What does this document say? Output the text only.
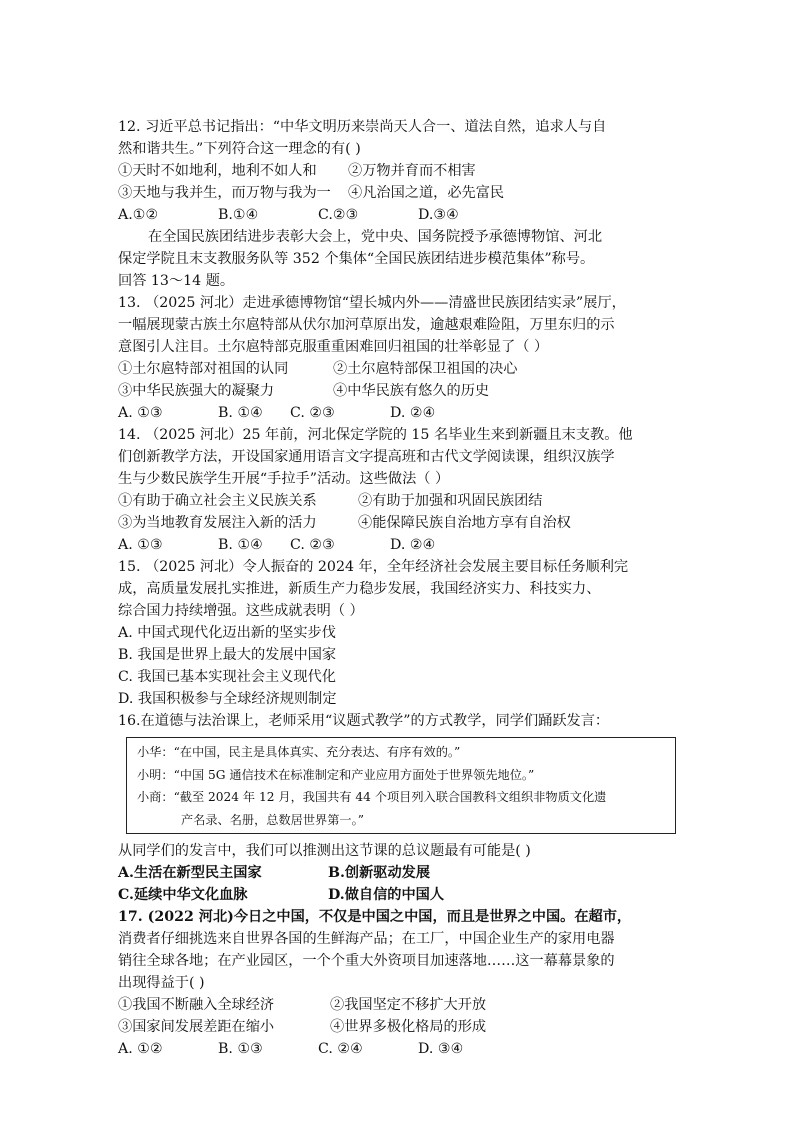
12. 习近平总书记指出：“中华文明历来崇尚天人合一、道法自然，追求人与自
然和谐共生。”下列符合这一理念的有( )
①天时不如地利，地利不如人和	②万物并育而不相害
③天地与我并生，而万物与我为一	④凡治国之道，必先富民
A.①②	B.①④	C.②③	D.③④
在全国民族团结进步表彰大会上，党中央、国务院授予承德博物馆、河北
保定学院且末支教服务队等 352 个集体“全国民族团结进步模范集体”称号。
回答 13～14 题。
13. （2025 河北）走进承德博物馆“望长城内外——清盛世民族团结实录”展厅，
一幅展现蒙古族土尔扈特部从伏尔加河草原出发，逾越艰难险阻，万里东归的示
意图引人注目。土尔扈特部克服重重困难回归祖国的壮举彰显了（ ）
①土尔扈特部对祖国的认同	②土尔扈特部保卫祖国的决心
③中华民族强大的凝聚力	④中华民族有悠久的历史
A. ①③	B. ①④	C. ②③	D. ②④
14. （2025 河北）25 年前，河北保定学院的 15 名毕业生来到新疆且末支教。他
们创新教学方法，开设国家通用语言文字提高班和古代文学阅读课，组织汉族学
生与少数民族学生开展“手拉手”活动。这些做法（ ）
①有助于确立社会主义民族关系	②有助于加强和巩固民族团结
③为当地教育发展注入新的活力	④能保障民族自治地方享有自治权
A. ①③	B. ①④	C. ②③	D. ②④
15. （2025 河北）令人振奋的 2024 年，全年经济社会发展主要目标任务顺利完
成，高质量发展扎实推进，新质生产力稳步发展，我国经济实力、科技实力、
综合国力持续增强。这些成就表明（ ）
A. 中国式现代化迈出新的坚实步伐
B. 我国是世界上最大的发展中国家
C. 我国已基本实现社会主义现代化
D. 我国积极参与全球经济规则制定
16.在道德与法治课上，老师采用“议题式教学”的方式教学，同学们踊跃发言：
小华：“在中国，民主是具体真实、充分表达、有序有效的。”
小明：“中国 5G 通信技术在标准制定和产业应用方面处于世界领先地位。”
小商：“截至 2024 年 12 月，我国共有 44 个项目列入联合国教科文组织非物质文化遗
产名录、名册，总数居世界第一。”
从同学们的发言中，我们可以推测出这节课的总议题最有可能是( )
A.生活在新型民主国家	B.创新驱动发展
C.延续中华文化血脉	D.做自信的中国人
17. (2022 河北)今日之中国，不仅是中国之中国，而且是世界之中国。在超市，
消费者仔细挑选来自世界各国的生鲜海产品；在工厂，中国企业生产的家用电器
销往全球各地；在产业园区，一个个重大外资项目加速落地……这一幕幕景象的
出现得益于( )
①我国不断融入全球经济	②我国坚定不移扩大开放
③国家间发展差距在缩小	④世界多极化格局的形成
A. ①②	B. ①③	C. ②④	D. ③④
